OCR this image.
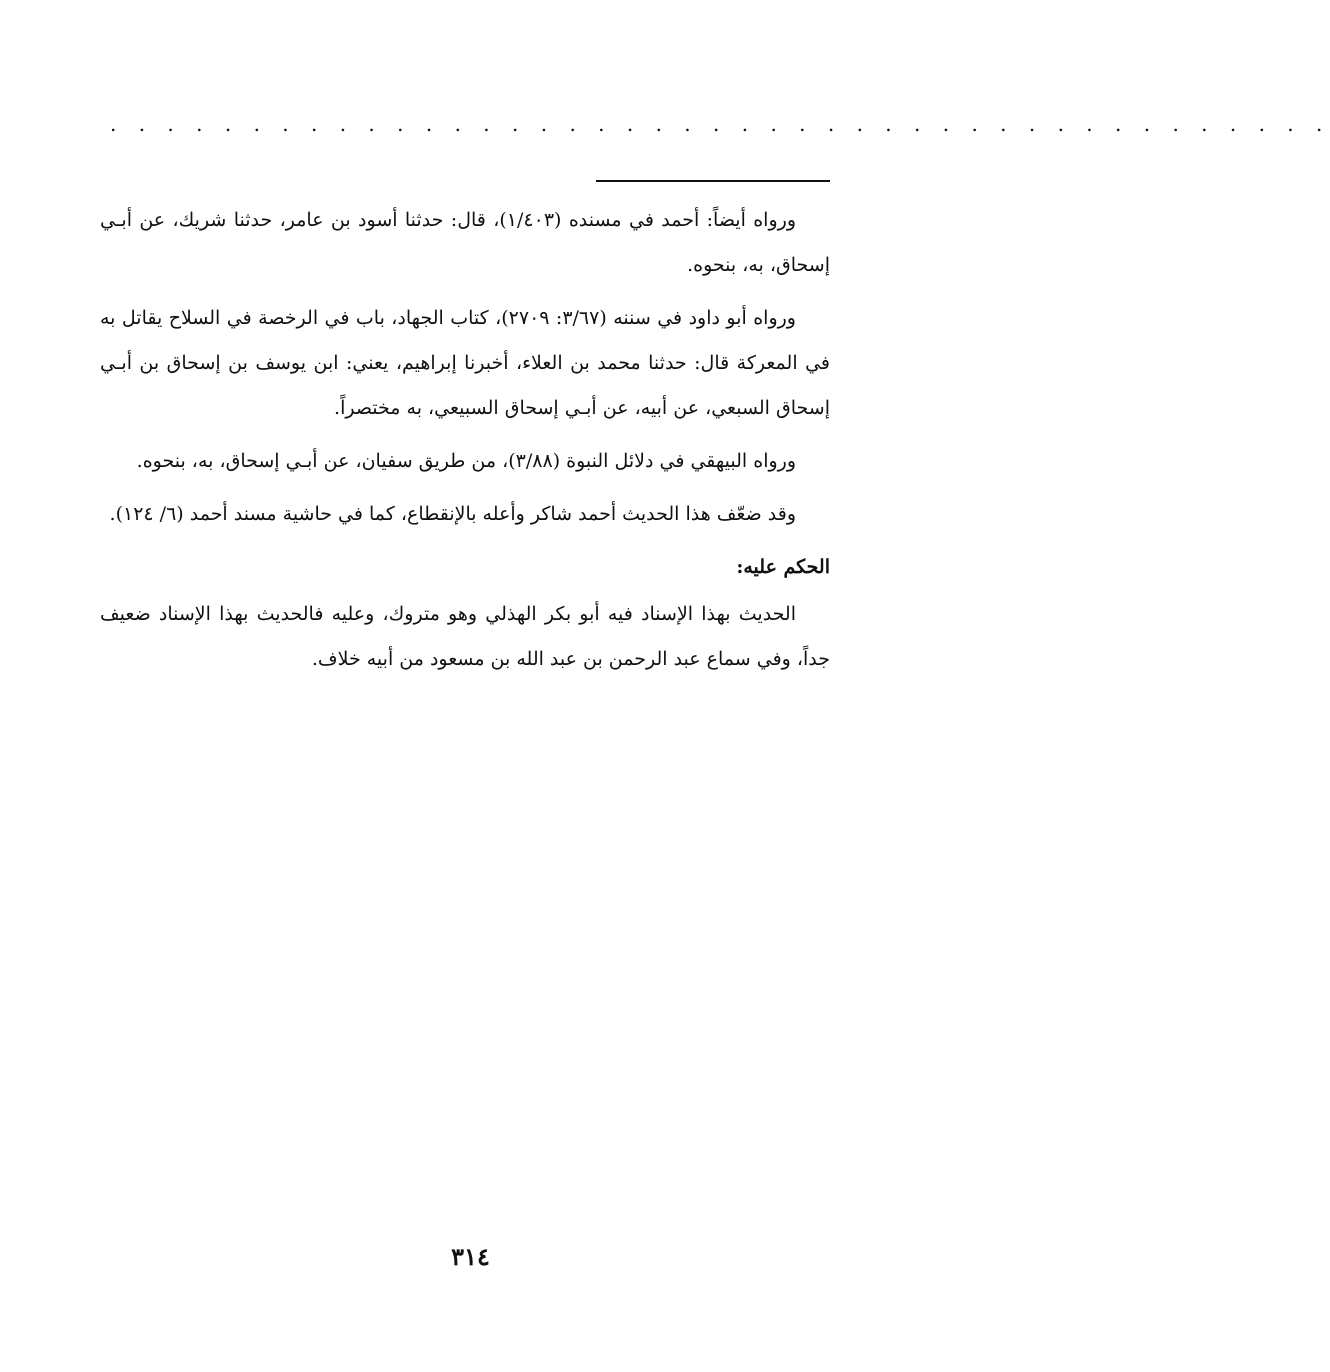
. . . . . . . . . . . . . . . . . . . . . . . . . . . . . . . . . . . . . . . . . . .

ورواه أيضاً: أحمد في مسنده (١/٤٠٣)، قال: حدثنا أسود بن عامر، حدثنا شريك، عن أبـي إسحاق، به، بنحوه.

ورواه أبو داود في سننه (٣/٦٧: ٢٧٠٩)، كتاب الجهاد، باب في الرخصة في السلاح يقاتل به في المعركة قال: حدثنا محمد بن العلاء، أخبرنا إبراهيم، يعني: ابن يوسف بن إسحاق بن أبـي إسحاق السبعي، عن أبيه، عن أبـي إسحاق السبيعي، به مختصراً.

ورواه البيهقي في دلائل النبوة (٣/٨٨)، من طريق سفيان، عن أبـي إسحاق، به، بنحوه.

وقد ضعّف هذا الحديث أحمد شاكر وأعله بالإنقطاع، كما في حاشية مسند أحمد (٦/ ١٢٤).

الحكم عليه:

الحديث بهذا الإسناد فيه أبو بكر الهذلي وهو متروك، وعليه فالحديث بهذا الإسناد ضعيف جداً، وفي سماع عبد الرحمن بن عبد الله بن مسعود من أبيه خلاف.

٣١٤
